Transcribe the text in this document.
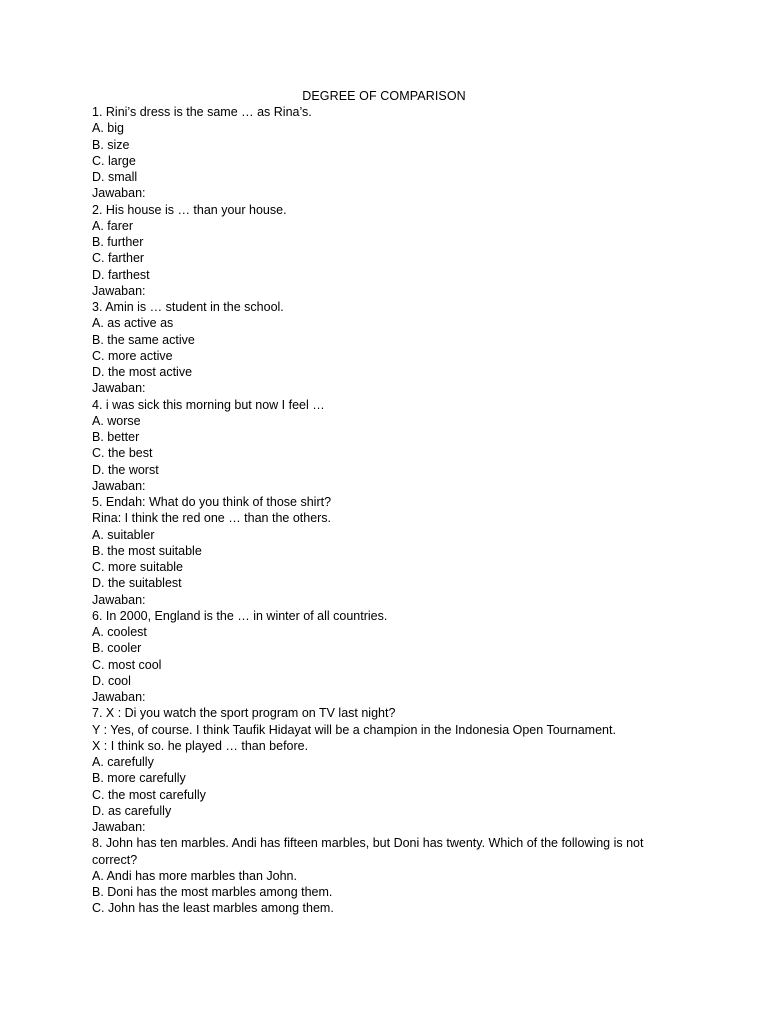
DEGREE OF COMPARISON
1. Rini’s dress is the same … as Rina’s.
A. big
B. size
C. large
D. small
Jawaban:
2. His house is … than your house.
A. farer
B. further
C. farther
D. farthest
Jawaban:
3. Amin is … student in the school.
A. as active as
B. the same active
C. more active
D. the most active
Jawaban:
4. i was sick this morning but now I feel …
A. worse
B. better
C. the best
D. the worst
Jawaban:
5. Endah: What do you think of those shirt?
Rina: I think the red one … than the others.
A. suitabler
B. the most suitable
C. more suitable
D. the suitablest
Jawaban:
6. In 2000, England is the … in winter of all countries.
A. coolest
B. cooler
C. most cool
D. cool
Jawaban:
7. X : Di you watch the sport program on TV last night?
Y : Yes, of course. I think Taufik Hidayat will be a champion in the Indonesia Open Tournament.
X : I think so. he played … than before.
A. carefully
B. more carefully
C. the most carefully
D. as carefully
Jawaban:
8. John has ten marbles. Andi has fifteen marbles, but Doni has twenty. Which of the following is not
correct?
A. Andi has more marbles than John.
B. Doni has the most marbles among them.
C. John has the least marbles among them.
